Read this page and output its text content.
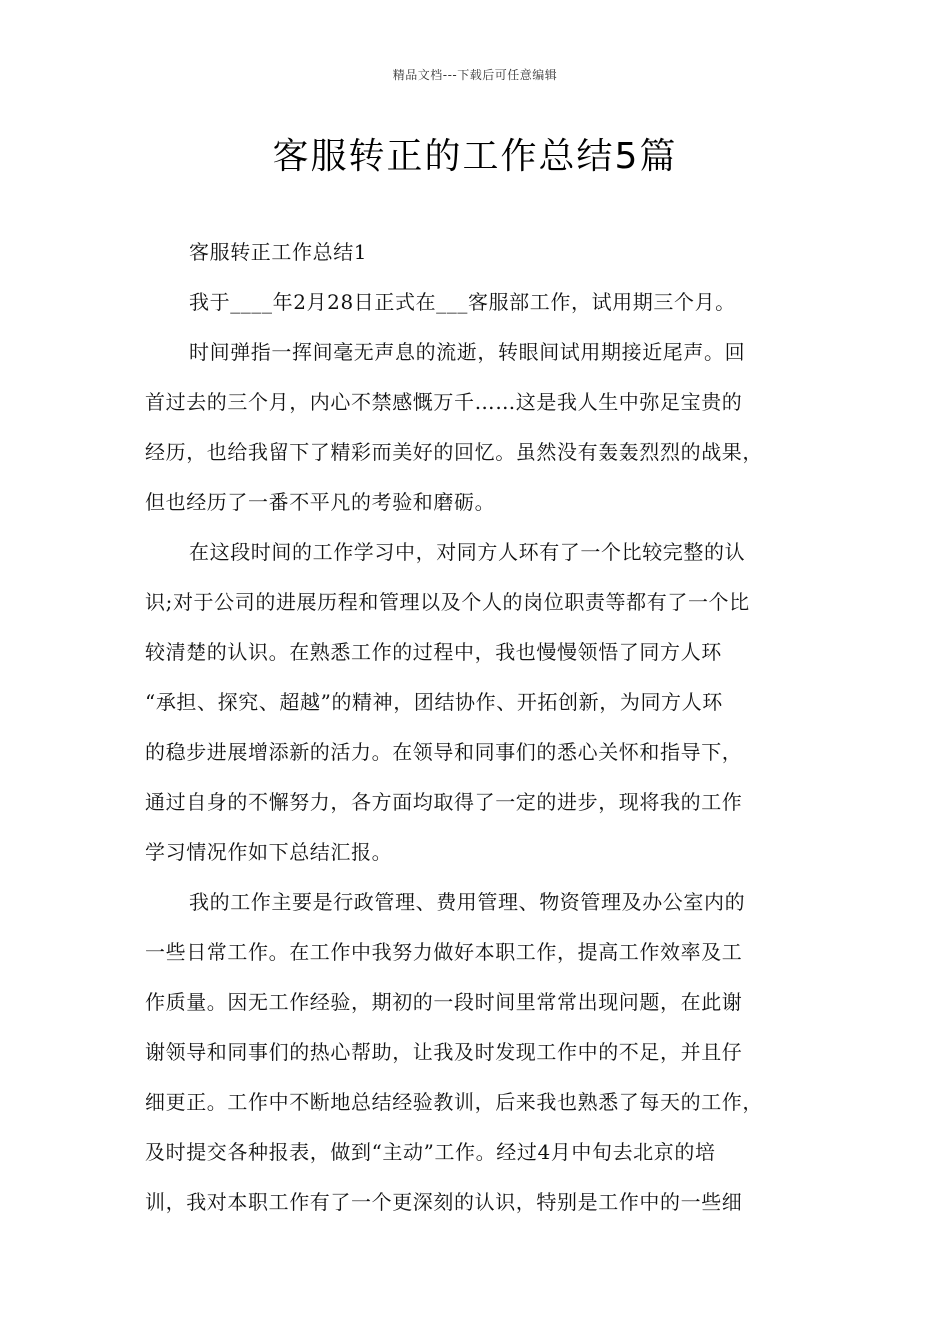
精品文档---下载后可任意编辑
客服转正的工作总结5篇

客服转正工作总结1

我于____年2月28日正式在___客服部工作，试用期三个月。

时间弹指一挥间毫无声息的流逝，转眼间试用期接近尾声。回
首过去的三个月，内心不禁感慨万千……这是我人生中弥足宝贵的
经历，也给我留下了精彩而美好的回忆。虽然没有轰轰烈烈的战果，
但也经历了一番不平凡的考验和磨砺。

在这段时间的工作学习中，对同方人环有了一个比较完整的认
识;对于公司的进展历程和管理以及个人的岗位职责等都有了一个比
较清楚的认识。在熟悉工作的过程中，我也慢慢领悟了同方人环
“承担、探究、超越”的精神，团结协作、开拓创新，为同方人环
的稳步进展增添新的活力。在领导和同事们的悉心关怀和指导下，
通过自身的不懈努力，各方面均取得了一定的进步，现将我的工作
学习情况作如下总结汇报。

我的工作主要是行政管理、费用管理、物资管理及办公室内的
一些日常工作。在工作中我努力做好本职工作，提高工作效率及工
作质量。因无工作经验，期初的一段时间里常常出现问题，在此谢
谢领导和同事们的热心帮助，让我及时发现工作中的不足，并且仔
细更正。工作中不断地总结经验教训，后来我也熟悉了每天的工作，
及时提交各种报表，做到“主动”工作。经过4月中旬去北京的培
训，我对本职工作有了一个更深刻的认识，特别是工作中的一些细
